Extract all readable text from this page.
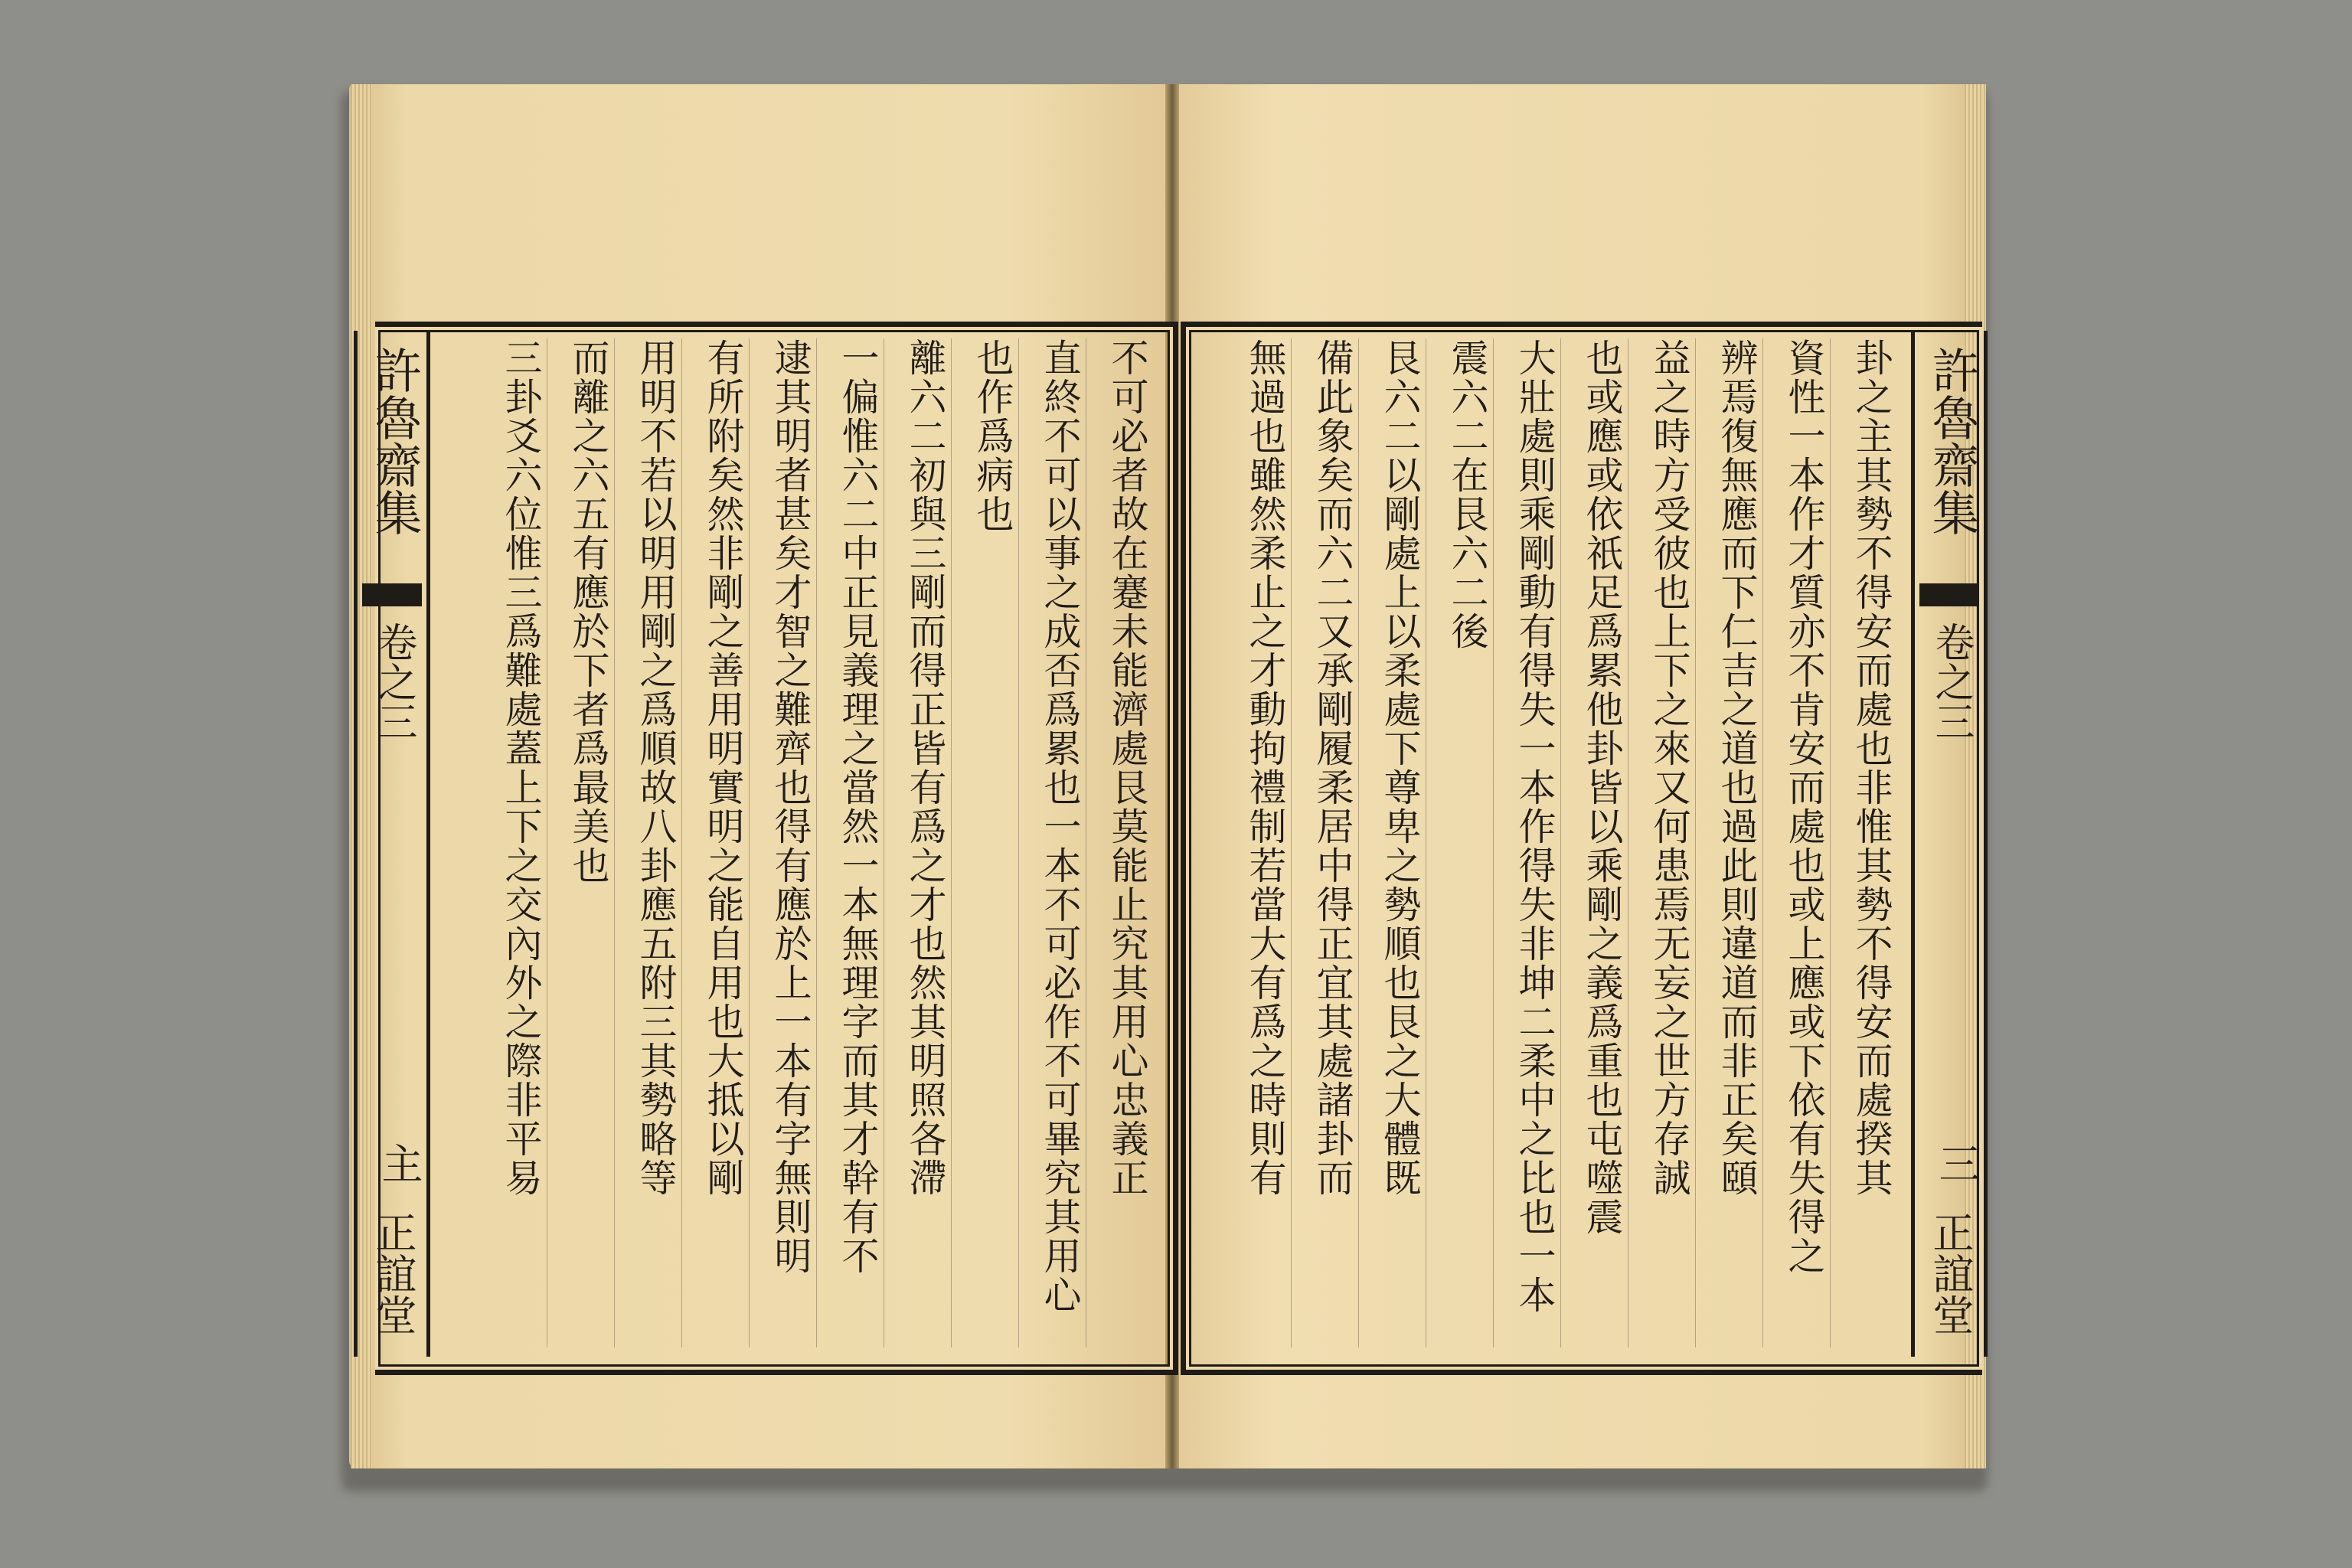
許魯齋集
卷之三
主
正誼堂
不可必者故在蹇未能濟處艮莫能止究其用心忠義正
直終不可以事之成否爲累也一本不可必作不可畢究其用心
也作爲病也
離六二初與三剛而得正皆有爲之才也然其明照各滯
一偏惟六二中正見義理之當然一本無理字而其才幹有不
逮其明者甚矣才智之難齊也得有應於上一本有字無則明
有所附矣然非剛之善用明實明之能自用也大抵以剛
用明不若以明用剛之爲順故八卦應五附三其勢略等
而離之六五有應於下者爲最美也
三卦爻六位惟三爲難處蓋上下之交內外之際非平易	許魯齋集
卷之三
三
正誼堂
卦之主其勢不得安而處也非惟其勢不得安而處揆其
資性一本作才質亦不肯安而處也或上應或下依有失得之
辨焉復無應而下仁吉之道也過此則違道而非正矣頤
益之時方受彼也上下之來又何患焉无妄之世方存誠
也或應或依祇足爲累他卦皆以乘剛之義爲重也屯噬震
大壯處則乘剛動有得失一本作得失非坤二柔中之比也一本
震六二在艮六二後
艮六二以剛處上以柔處下尊卑之勢順也艮之大體既
備此象矣而六二又承剛履柔居中得正宜其處諸卦而
無過也雖然柔止之才動拘禮制若當大有爲之時則有
